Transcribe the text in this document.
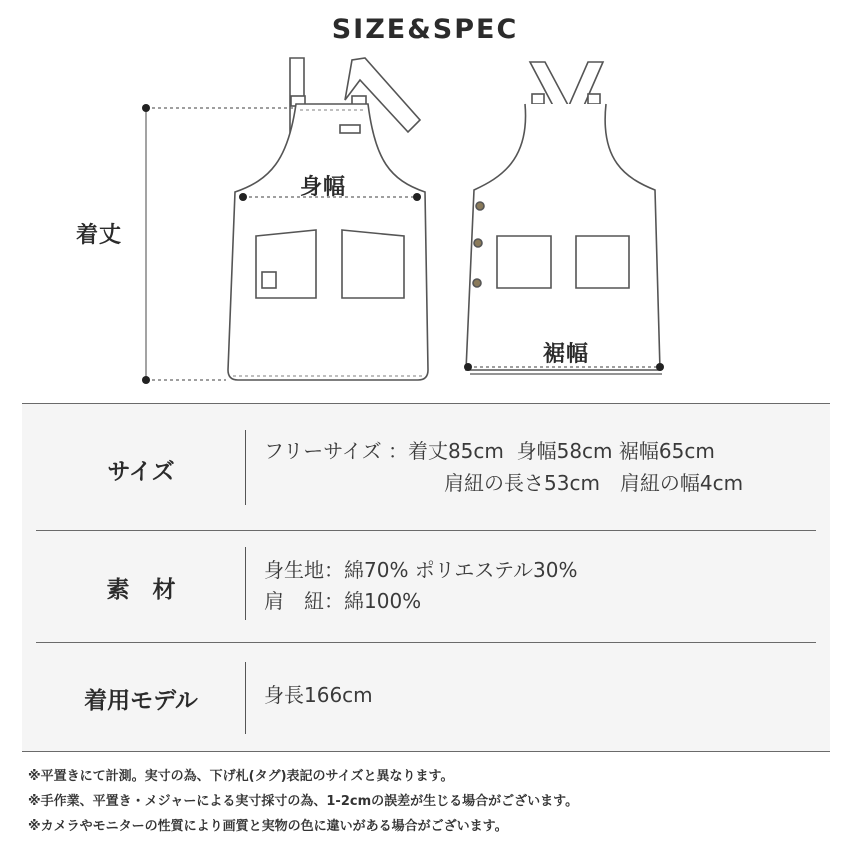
SIZE&SPEC
着丈
身幅
裾幅
サイズ
フリーサイズ ：着丈85cm  身幅58cm 裾幅65cm
肩紐の長さ53cm　肩紐の幅4cm
素　材
身生地：綿70% ポリエステル30%
肩　紐：綿100%
着用モデル	身長166cm
※平置きにて計測。実寸の為、下げ札(タグ)表記のサイズと異なります。
※手作業、平置き・メジャーによる実寸採寸の為、1-2cmの誤差が生じる場合がございます。
※カメラやモニターの性質により画質と実物の色に違いがある場合がございます。
